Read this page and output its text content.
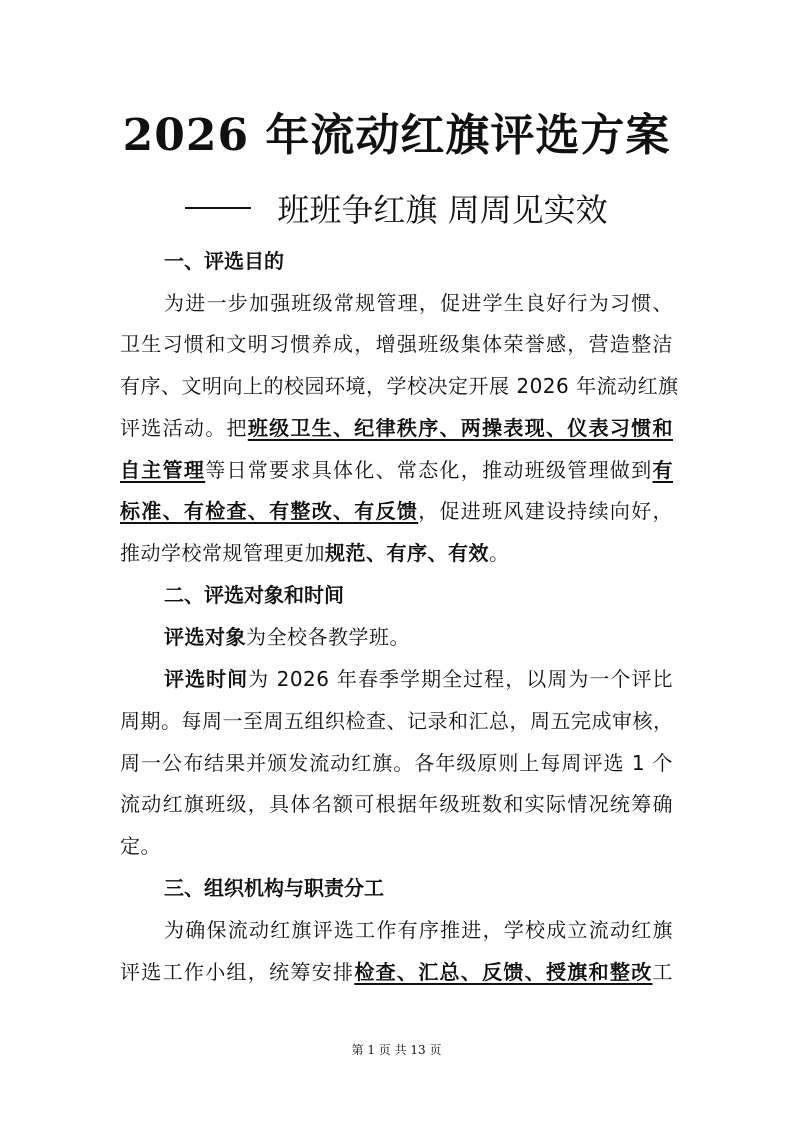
2026 年流动红旗评选方案
班班争红旗 周周见实效
一、评选目的
为进一步加强班级常规管理，促进学生良好行为习惯、
卫生习惯和文明习惯养成，增强班级集体荣誉感，营造整洁
有序、文明向上的校园环境，学校决定开展 2026 年流动红旗
评选活动。把班级卫生、纪律秩序、两操表现、仪表习惯和
自主管理等日常要求具体化、常态化，推动班级管理做到有
标准、有检查、有整改、有反馈，促进班风建设持续向好，
推动学校常规管理更加规范、有序、有效。
二、评选对象和时间
评选对象为全校各教学班。
评选时间为 2026 年春季学期全过程，以周为一个评比
周期。每周一至周五组织检查、记录和汇总，周五完成审核，
周一公布结果并颁发流动红旗。各年级原则上每周评选 1 个
流动红旗班级，具体名额可根据年级班数和实际情况统筹确
定。
三、组织机构与职责分工
为确保流动红旗评选工作有序推进，学校成立流动红旗
评选工作小组，统筹安排检查、汇总、反馈、授旗和整改工
第 1 页 共 13 页
